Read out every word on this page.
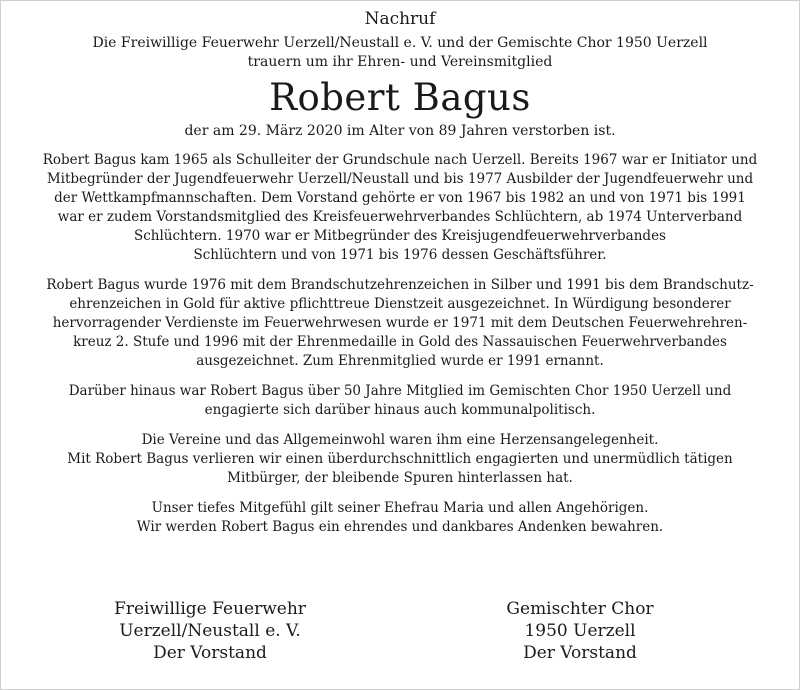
Nachruf
Die Freiwillige Feuerwehr Uerzell/Neustall e. V. und der Gemischte Chor 1950 Uerzell
trauern um ihr Ehren- und Vereinsmitglied
Robert Bagus
der am 29. März 2020 im Alter von 89 Jahren verstorben ist.
Robert Bagus kam 1965 als Schulleiter der Grundschule nach Uerzell. Bereits 1967 war er Initiator und
Mitbegründer der Jugendfeuerwehr Uerzell/Neustall und bis 1977 Ausbilder der Jugendfeuerwehr und
der Wettkampfmannschaften. Dem Vorstand gehörte er von 1967 bis 1982 an und von 1971 bis 1991
war er zudem Vorstandsmitglied des Kreisfeuerwehrverbandes Schlüchtern, ab 1974 Unterverband
Schlüchtern. 1970 war er Mitbegründer des Kreisjugendfeuerwehrverbandes
Schlüchtern und von 1971 bis 1976 dessen Geschäftsführer.
Robert Bagus wurde 1976 mit dem Brandschutzehrenzeichen in Silber und 1991 bis dem Brandschutz-
ehrenzeichen in Gold für aktive pflichttreue Dienstzeit ausgezeichnet. In Würdigung besonderer
hervorragender Verdienste im Feuerwehrwesen wurde er 1971 mit dem Deutschen Feuerwehrehren-
kreuz 2. Stufe und 1996 mit der Ehrenmedaille in Gold des Nassauischen Feuerwehrverbandes
ausgezeichnet. Zum Ehrenmitglied wurde er 1991 ernannt.
Darüber hinaus war Robert Bagus über 50 Jahre Mitglied im Gemischten Chor 1950 Uerzell und
engagierte sich darüber hinaus auch kommunalpolitisch.
Die Vereine und das Allgemeinwohl waren ihm eine Herzensangelegenheit.
Mit Robert Bagus verlieren wir einen überdurchschnittlich engagierten und unermüdlich tätigen
Mitbürger, der bleibende Spuren hinterlassen hat.
Unser tiefes Mitgefühl gilt seiner Ehefrau Maria und allen Angehörigen.
Wir werden Robert Bagus ein ehrendes und dankbares Andenken bewahren.
Freiwillige Feuerwehr
Uerzell/Neustall e. V.
Der Vorstand
Gemischter Chor
1950 Uerzell
Der Vorstand
